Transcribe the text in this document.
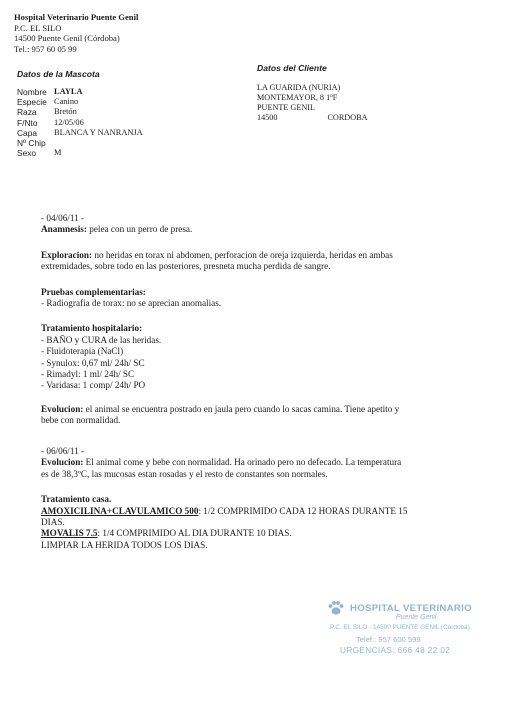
Hospital Veterinario Puente Genil
P.C. EL SILO
14500 Puente Genil (Córdoba)
Tel.: 957 60 05 99
Datos de la Mascota
Nombre LAYLA
Especie Canino
Raza	Bretón
F/Nto	12/05/06
Capa	BLANCA Y NANRANJA
Nº Chip
Sexo	M
Datos del Cliente
LA GUARIDA (NURIA)
MONTEMAYOR, 8 1ºF
PUENTE GENIL
14500	CORDOBA
- 04/06/11 -
Anamnesis: pelea con un perro de presa.
Exploracion: no heridas en torax ni abdomen, perforacion de oreja izquierda, heridas en ambas
extremidades, sobre todo en las posteriores, presneta mucha perdida de sangre.
Pruebas complementarias:
- Radiografia de torax: no se aprecian anomalias.
Tratamiento hospitalario:
- BAÑO y CURA de las heridas.
- Fluidoterapia (NaCl)
- Synulox: 0,67 ml/ 24h/ SC
- Rimadyl: 1 ml/ 24h/ SC
- Varidasa: 1 comp/ 24h/ PO
Evolucion: el animal se encuentra postrado en jaula pero cuando lo sacas camina. Tiene apetito y
bebe con normalidad.
- 06/06/11 -
Evolucion: El animal come y bebe con normalidad. Ha orinado pero no defecado. La temperatura
es de 38,3ºC, las mucosas estan rosadas y el resto de constantes son normales.
Tratamiento casa.
AMOXICILINA+CLAVULAMICO 500: 1/2 COMPRIMIDO CADA 12 HORAS DURANTE 15
DIAS.
MOVALIS 7.5: 1/4 COMPRIMIDO AL DIA DURANTE 10 DIAS.
LIMPIAR LA HERIDA TODOS LOS DIAS.
HOSPITAL VETERINARIO
Puente Genil
P.C. EL SILO - 14500 PUENTE GENIL (Córdoba)
Telef.: 957 600 599
URGENCIAS: 666 48 22 02
